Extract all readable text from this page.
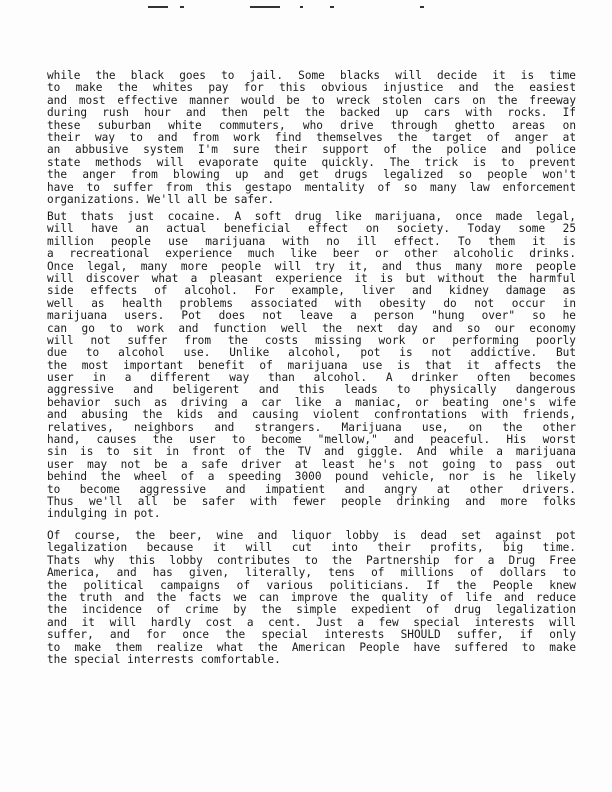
while the black goes to jail. Some blacks will decide it is time
to make the whites pay for this obvious injustice and the easiest
and most effective manner would be to wreck stolen cars on the freeway
during rush hour and then pelt the backed up cars with rocks. If
these suburban white commuters, who drive through ghetto areas on
their way to and from work find themselves the target of anger at
an abbusive system I'm sure their support of the police and police
state methods will evaporate quite quickly. The trick is to prevent
the anger from blowing up and get drugs legalized so people won't
have to suffer from this gestapo mentality of so many law enforcement
organizations. We'll all be safer.
But thats just cocaine. A soft drug like marijuana, once made legal,
will have an actual beneficial effect on society. Today some 25
million people use marijuana with no ill effect. To them it is
a recreational experience much like beer or other alcoholic drinks.
Once legal, many more people will try it, and thus many more people
will discover what a pleasant experience it is but without the harmful
side effects of alcohol. For example, liver and kidney damage as
well as health problems associated with obesity do not occur in
marijuana users. Pot does not leave a person "hung over" so he
can go to work and function well the next day and so our economy
will not suffer from the costs missing work or performing poorly
due to alcohol use. Unlike alcohol, pot is not addictive. But
the most important benefit of marijuana use is that it affects the
user in a different way than alcohol. A drinker often becomes
aggressive and beligerent and this leads to physically dangerous
behavior such as driving a car like a maniac, or beating one's wife
and abusing the kids and causing violent confrontations with friends,
relatives, neighbors and strangers. Marijuana use, on the other
hand, causes the user to become "mellow," and peaceful. His worst
sin is to sit in front of the TV and giggle. And while a marijuana
user may not be a safe driver at least he's not going to pass out
behind the wheel of a speeding 3000 pound vehicle, nor is he likely
to become aggressive and impatient and angry at other drivers.
Thus we'll all be safer with fewer people drinking and more folks
indulging in pot.
Of course, the beer, wine and liquor lobby is dead set against pot
legalization because it will cut into their profits, big time.
Thats why this lobby contributes to the Partnership for a Drug Free
America, and has given, literally, tens of millions of dollars to
the political campaigns of various politicians. If the People knew
the truth and the facts we can improve the quality of life and reduce
the incidence of crime by the simple expedient of drug legalization
and it will hardly cost a cent. Just a few special interests will
suffer, and for once the special interests SHOULD suffer, if only
to make them realize what the American People have suffered to make
the special interrests comfortable.
